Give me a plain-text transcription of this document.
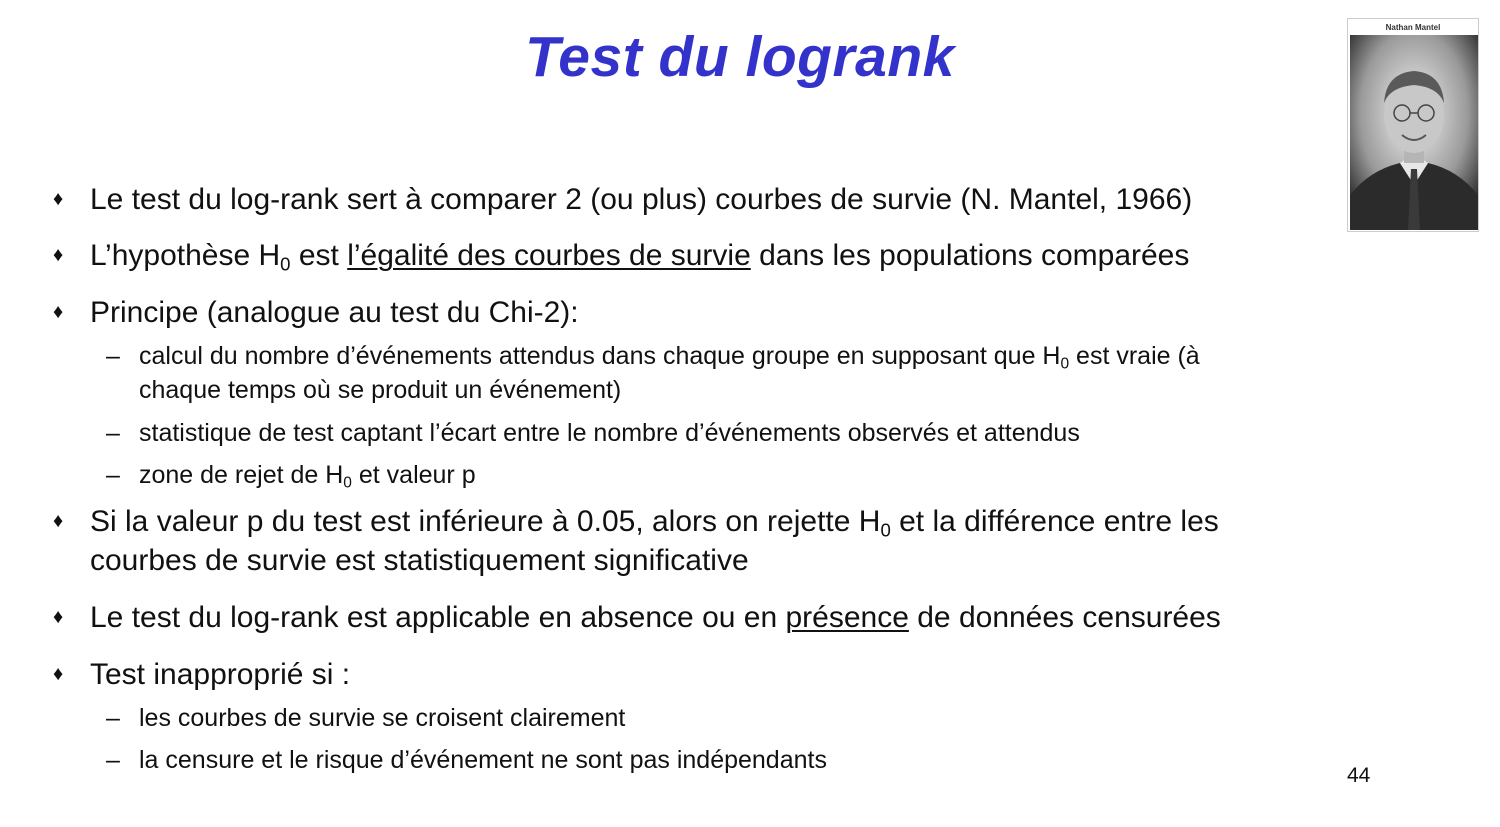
Test du logrank	Nathan Mantel
♦ Le test du log-rank sert à comparer 2 (ou plus) courbes de survie (N. Mantel, 1966)
♦ L’hypothèse $H_0$ est l’égalité des courbes de survie dans les populations comparées
♦ Principe (analogue au test du Chi-2):
– calcul du nombre d’événements attendus dans chaque groupe en supposant que $H_0$ est vraie (à
chaque temps où se produit un événement)
– statistique de test captant l’écart entre le nombre d’événements observés et attendus
– zone de rejet de $H_0$ et valeur p
♦ Si la valeur p du test est inférieure à 0.05, alors on rejette $H_0$ et la différence entre les
courbes de survie est statistiquement significative
♦ Le test du log-rank est applicable en absence ou en présence de données censurées
♦ Test inapproprié si :
– les courbes de survie se croisent clairement
– la censure et le risque d’événement ne sont pas indépendants
44
